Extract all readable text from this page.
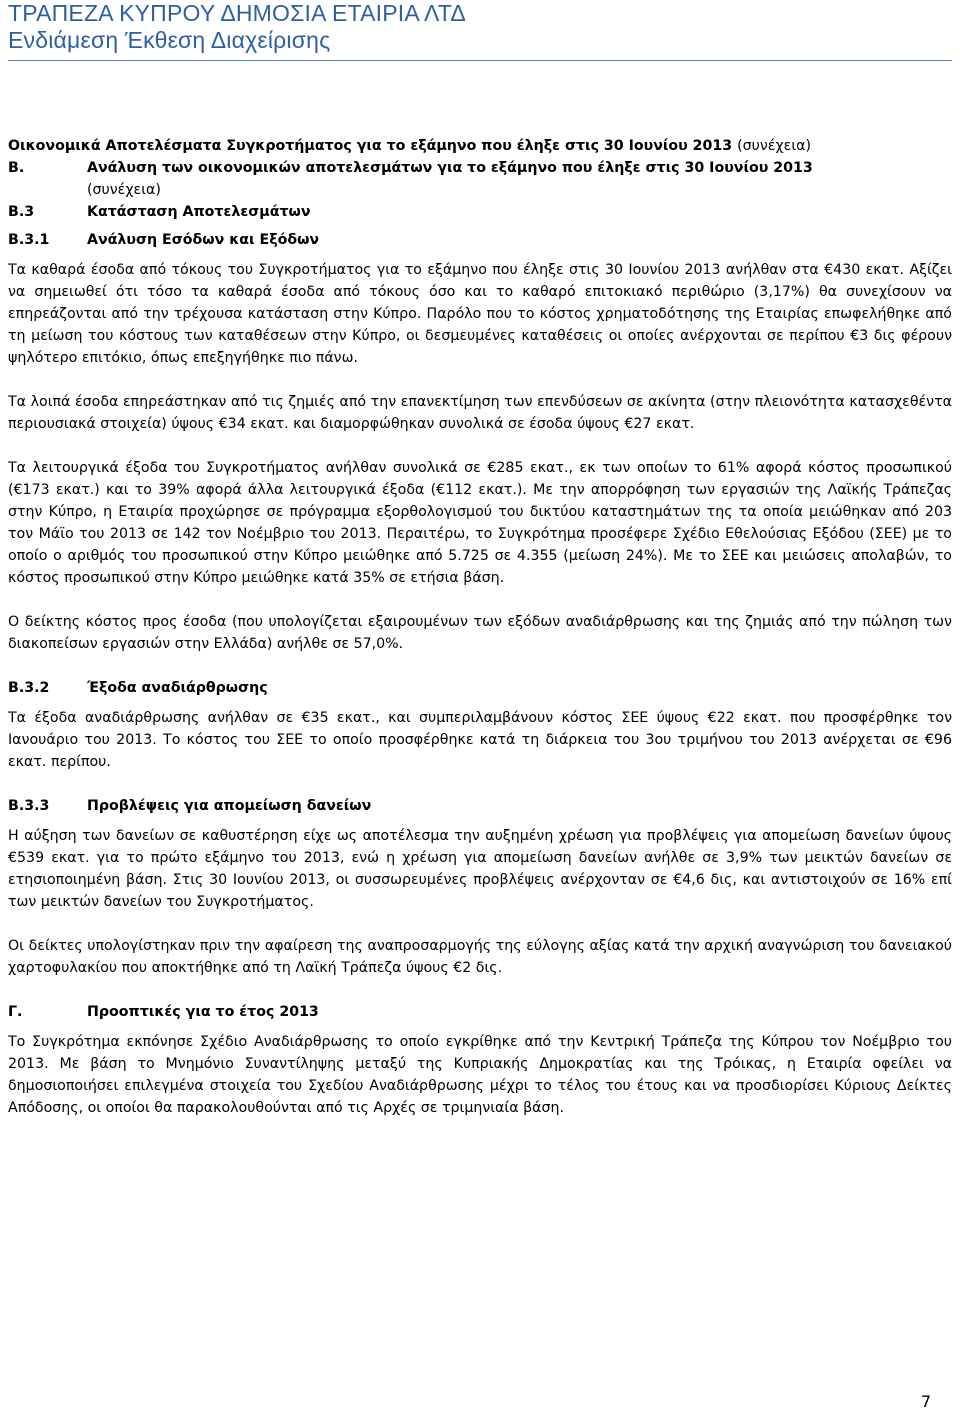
ΤΡΑΠΕΖΑ ΚΥΠΡΟΥ ΔΗΜΟΣΙΑ ΕΤΑΙΡΙΑ ΛΤΔ
Ενδιάμεση Έκθεση Διαχείρισης
Οικονομικά Αποτελέσματα Συγκροτήματος για το εξάμηνο που έληξε στις 30 Ιουνίου 2013 (συνέχεια)
Β.	Ανάλυση των οικονομικών αποτελεσμάτων για το εξάμηνο που έληξε στις 30 Ιουνίου 2013
(συνέχεια)
Β.3	Κατάσταση Αποτελεσμάτων
Β.3.1	Ανάλυση Εσόδων και Εξόδων

Τα καθαρά έσοδα από τόκους του Συγκροτήματος για το εξάμηνο που έληξε στις 30 Ιουνίου 2013 ανήλθαν στα €430 εκατ. Αξίζει να σημειωθεί ότι τόσο τα καθαρά έσοδα από τόκους όσο και το καθαρό επιτοκιακό περιθώριο (3,17%) θα συνεχίσουν να επηρεάζονται από την τρέχουσα κατάσταση στην Κύπρο. Παρόλο που το κόστος χρηματοδότησης της Εταιρίας επωφελήθηκε από τη μείωση του κόστους των καταθέσεων στην Κύπρο, οι δεσμευμένες καταθέσεις οι οποίες ανέρχονται σε περίπου €3 δις φέρουν ψηλότερο επιτόκιο, όπως επεξηγήθηκε πιο πάνω.

Τα λοιπά έσοδα επηρεάστηκαν από τις ζημιές από την επανεκτίμηση των επενδύσεων σε ακίνητα (στην πλειονότητα κατασχεθέντα περιουσιακά στοιχεία) ύψους €34 εκατ. και διαμορφώθηκαν συνολικά σε έσοδα ύψους €27 εκατ.

Τα λειτουργικά έξοδα του Συγκροτήματος ανήλθαν συνολικά σε €285 εκατ., εκ των οποίων το 61% αφορά κόστος προσωπικού (€173 εκατ.) και το 39% αφορά άλλα λειτουργικά έξοδα (€112 εκατ.). Με την απορρόφηση των εργασιών της Λαϊκής Τράπεζας στην Κύπρο, η Εταιρία προχώρησε σε πρόγραμμα εξορθολογισμού του δικτύου καταστημάτων της τα οποία μειώθηκαν από 203 τον Μάϊο του 2013 σε 142 τον Νοέμβριο του 2013. Περαιτέρω, το Συγκρότημα προσέφερε Σχέδιο Εθελούσιας Εξόδου (ΣΕΕ) με το οποίο ο αριθμός του προσωπικού στην Κύπρο μειώθηκε από 5.725 σε 4.355 (μείωση 24%). Με το ΣΕΕ και μειώσεις απολαβών, το κόστος προσωπικού στην Κύπρο μειώθηκε κατά 35% σε ετήσια βάση.

Ο δείκτης κόστος προς έσοδα (που υπολογίζεται εξαιρουμένων των εξόδων αναδιάρθρωσης και της ζημιάς από την πώληση των διακοπείσων εργασιών στην Ελλάδα) ανήλθε σε 57,0%.

Β.3.2	Έξοδα αναδιάρθρωσης

Τα έξοδα αναδιάρθρωσης ανήλθαν σε €35 εκατ., και συμπεριλαμβάνουν κόστος ΣΕΕ ύψους €22 εκατ. που προσφέρθηκε τον Ιανουάριο του 2013. Το κόστος του ΣΕΕ το οποίο προσφέρθηκε κατά τη διάρκεια του 3ου τριμήνου του 2013 ανέρχεται σε €96 εκατ. περίπου.

Β.3.3	Προβλέψεις για απομείωση δανείων

Η αύξηση των δανείων σε καθυστέρηση είχε ως αποτέλεσμα την αυξημένη χρέωση για προβλέψεις για απομείωση δανείων ύψους €539 εκατ. για το πρώτο εξάμηνο του 2013, ενώ η χρέωση για απομείωση δανείων ανήλθε σε 3,9% των μεικτών δανείων σε ετησιοποιημένη βάση. Στις 30 Ιουνίου 2013, οι συσσωρευμένες προβλέψεις ανέρχονταν σε €4,6 δις, και αντιστοιχούν σε 16% επί των μεικτών δανείων του Συγκροτήματος.

Οι δείκτες υπολογίστηκαν πριν την αφαίρεση της αναπροσαρμογής της εύλογης αξίας κατά την αρχική αναγνώριση του δανειακού χαρτοφυλακίου που αποκτήθηκε από τη Λαϊκή Τράπεζα ύψους €2 δις.

Γ.	Προοπτικές για το έτος 2013

Το Συγκρότημα εκπόνησε Σχέδιο Αναδιάρθρωσης το οποίο εγκρίθηκε από την Κεντρική Τράπεζα της Κύπρου τον Νοέμβριο του 2013. Με βάση το Μνημόνιο Συναντίληψης μεταξύ της Κυπριακής Δημοκρατίας και της Τρόικας, η Εταιρία οφείλει να δημοσιοποιήσει επιλεγμένα στοιχεία του Σχεδίου Αναδιάρθρωσης μέχρι το τέλος του έτους και να προσδιορίσει Κύριους Δείκτες Απόδοσης, οι οποίοι θα παρακολουθούνται από τις Αρχές σε τριμηνιαία βάση.

7
